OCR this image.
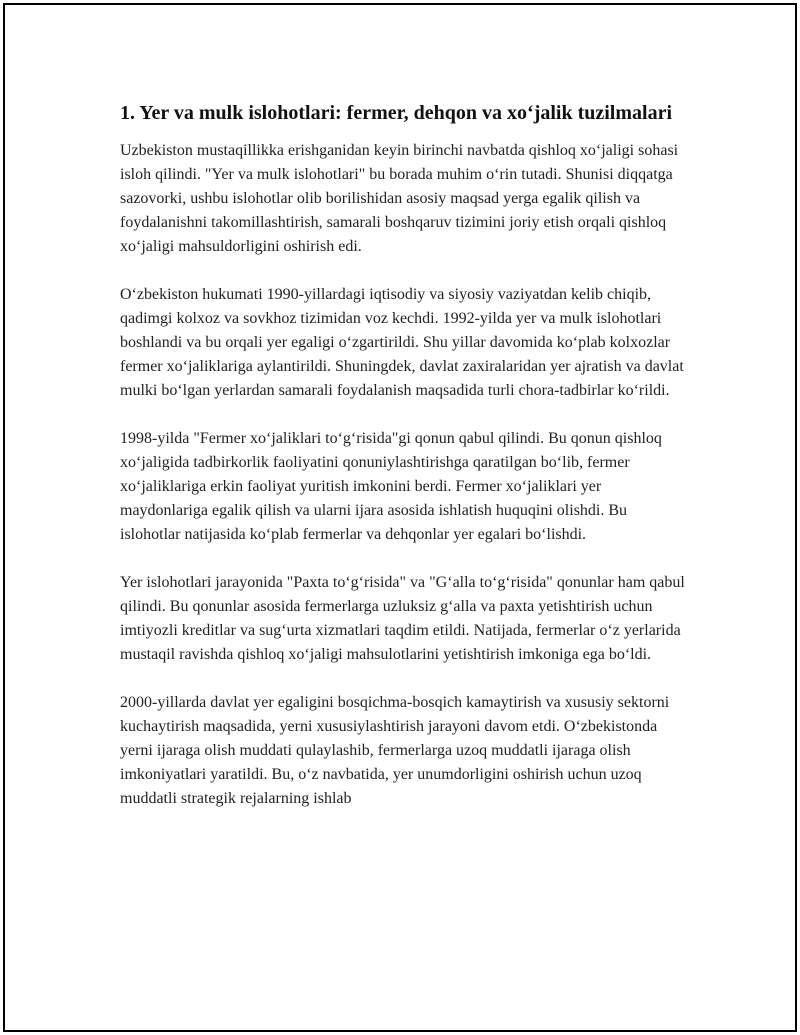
1. Yer va mulk islohotlari: fermer, dehqon va xo‘jalik tuzilmalari

Uzbekiston mustaqillikka erishganidan keyin birinchi navbatda qishloq xo‘jaligi sohasi isloh qilindi. "Yer va mulk islohotlari" bu borada muhim o‘rin tutadi. Shunisi diqqatga sazovorki, ushbu islohotlar olib borilishidan asosiy maqsad yerga egalik qilish va foydalanishni takomillashtirish, samarali boshqaruv tizimini joriy etish orqali qishloq xo‘jaligi mahsuldorligini oshirish edi.

O‘zbekiston hukumati 1990-yillardagi iqtisodiy va siyosiy vaziyatdan kelib chiqib, qadimgi kolxoz va sovkhoz tizimidan voz kechdi. 1992-yilda yer va mulk islohotlari boshlandi va bu orqali yer egaligi o‘zgartirildi. Shu yillar davomida ko‘plab kolxozlar fermer xo‘jaliklariga aylantirildi. Shuningdek, davlat zaxiralaridan yer ajratish va davlat mulki bo‘lgan yerlardan samarali foydalanish maqsadida turli chora-tadbirlar ko‘rildi.

1998-yilda "Fermer xo‘jaliklari to‘g‘risida"gi qonun qabul qilindi. Bu qonun qishloq xo‘jaligida tadbirkorlik faoliyatini qonuniylashtirishga qaratilgan bo‘lib, fermer xo‘jaliklariga erkin faoliyat yuritish imkonini berdi. Fermer xo‘jaliklari yer maydonlariga egalik qilish va ularni ijara asosida ishlatish huquqini olishdi. Bu islohotlar natijasida ko‘plab fermerlar va dehqonlar yer egalari bo‘lishdi.

Yer islohotlari jarayonida "Paxta to‘g‘risida" va "G‘alla to‘g‘risida" qonunlar ham qabul qilindi. Bu qonunlar asosida fermerlarga uzluksiz g‘alla va paxta yetishtirish uchun imtiyozli kreditlar va sug‘urta xizmatlari taqdim etildi. Natijada, fermerlar o‘z yerlarida mustaqil ravishda qishloq xo‘jaligi mahsulotlarini yetishtirish imkoniga ega bo‘ldi.

2000-yillarda davlat yer egaligini bosqichma-bosqich kamaytirish va xususiy sektorni kuchaytirish maqsadida, yerni xususiylashtirish jarayoni davom etdi. O‘zbekistonda yerni ijaraga olish muddati qulaylashib, fermerlarga uzoq muddatli ijaraga olish imkoniyatlari yaratildi. Bu, o‘z navbatida, yer unumdorligini oshirish uchun uzoq muddatli strategik rejalarning ishlab
